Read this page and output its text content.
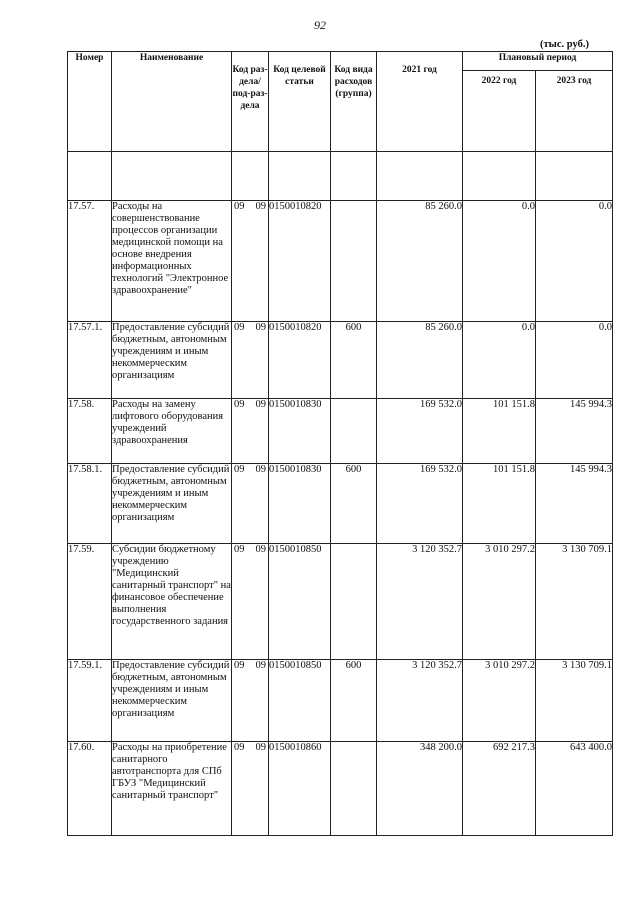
92
(тыс. руб.)
Номер	Наименование	Код раз-дела/ под-раз-дела	Код целевой статьи	Код вида расходов (группа)	2021 год	Плановый период	
						2022 год	2023 год

17.57.	Расходы на совершенствование процессов организации медицинской помощи на основе внедрения информационных технологий "Электронное здравоохранение"	09 09	0150010820		85 260.0	0.0	0.0
17.57.1.	Предоставление субсидий бюджетным, автономным учреждениям и иным некоммерческим организациям	09 09	0150010820	600	85 260.0	0.0	0.0
17.58.	Расходы на замену лифтового оборудования учреждений здравоохранения	09 09	0150010830		169 532.0	101 151.8	145 994.3
17.58.1.	Предоставление субсидий бюджетным, автономным учреждениям и иным некоммерческим организациям	09 09	0150010830	600	169 532.0	101 151.8	145 994.3
17.59.	Субсидии бюджетному учреждению "Медицинский санитарный транспорт" на финансовое обеспечение выполнения государственного задания	09 09	0150010850		3 120 352.7	3 010 297.2	3 130 709.1
17.59.1.	Предоставление субсидий бюджетным, автономным учреждениям и иным некоммерческим организациям	09 09	0150010850	600	3 120 352.7	3 010 297.2	3 130 709.1
17.60.	Расходы на приобретение санитарного автотранспорта для СПб ГБУЗ "Медицинский санитарный транспорт"	09 09	0150010860		348 200.0	692 217.3	643 400.0
